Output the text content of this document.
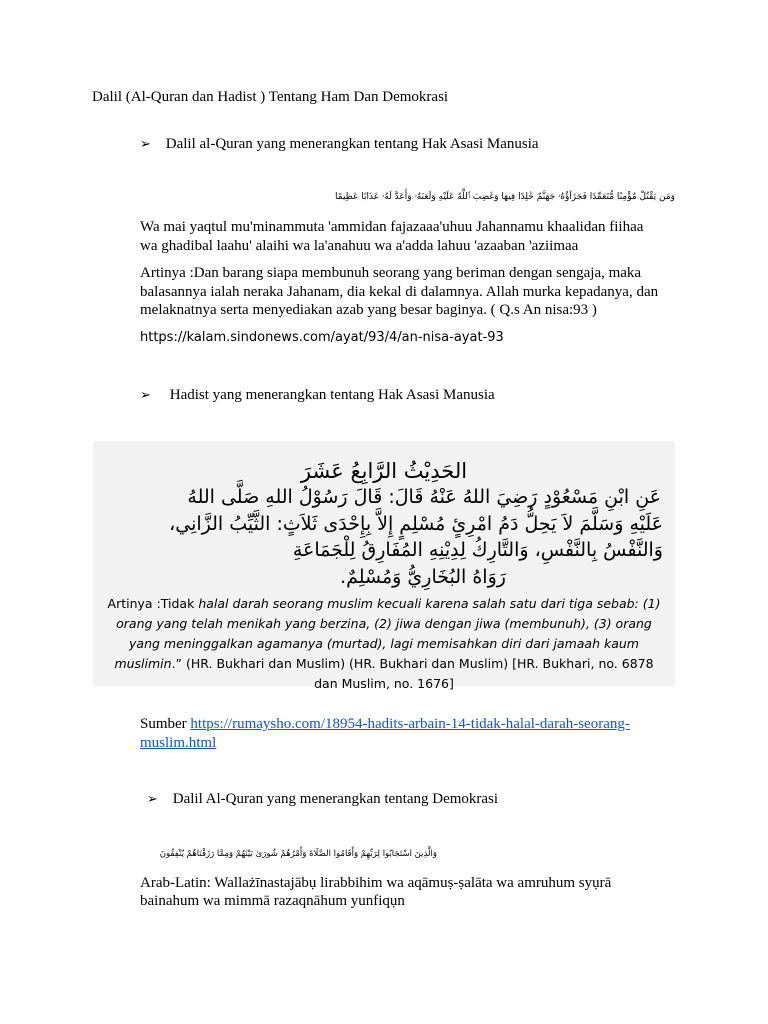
Dalil (Al-Quran dan Hadist ) Tentang Ham Dan Demokrasi
➢ Dalil al-Quran yang menerangkan tentang Hak Asasi Manusia
وَمَن يَقْتُلْ مُؤْمِنًا مُّتَعَمِّدًا فَجَزَآؤُهُۥ جَهَنَّمُ خَٰلِدًا فِيهَا وَغَضِبَ ٱللَّهُ عَلَيْهِ وَلَعَنَهُۥ وَأَعَدَّ لَهُۥ عَذَابًا عَظِيمًا
Wa mai yaqtul mu'minammuta 'ammidan fajazaaa'uhuu Jahannamu khaalidan fiihaa
wa ghadibal laahu' alaihi wa la'anahuu wa a'adda lahuu 'azaaban 'aziimaa
Artinya :Dan barang siapa membunuh seorang yang beriman dengan sengaja, maka
balasannya ialah neraka Jahanam, dia kekal di dalamnya. Allah murka kepadanya, dan
melaknatnya serta menyediakan azab yang besar baginya. ( Q.s An nisa:93 )
https://kalam.sindonews.com/ayat/93/4/an-nisa-ayat-93
➢ Hadist yang menerangkan tentang Hak Asasi Manusia
الحَدِيْثُ الرَّابِعُ عَشَرَ
عَنِ ابْنِ مَسْعُوْدٍ رَضِيَ اللهُ عَنْهُ قَالَ: قَالَ رَسُوْلُ اللهِ صَلَّى اللهُ
عَلَيْهِ وَسَلَّمَ لاَ يَحِلُّ دَمُ امْرِئٍ مُسْلِمٍ إِلاَّ بِإِحْدَى ثَلاَثٍ: الثَّيِّبُ الزَّانِي،
وَالنَّفْسُ بِالنَّفْسِ، وَالتَّارِكُ لِدِيْنِهِ المُفَارِقُ لِلْجَمَاعَةِ
رَوَاهُ البُخَارِيُّ وَمُسْلِمٌ.
Artinya :Tidak halal darah seorang muslim kecuali karena salah satu dari tiga sebab: (1)
orang yang telah menikah yang berzina, (2) jiwa dengan jiwa (membunuh), (3) orang
yang meninggalkan agamanya (murtad), lagi memisahkan diri dari jamaah kaum
muslimin.” (HR. Bukhari dan Muslim) (HR. Bukhari dan Muslim) [HR. Bukhari, no. 6878
dan Muslim, no. 1676]
Sumber https://rumaysho.com/18954-hadits-arbain-14-tidak-halal-darah-seorang-
muslim.html
➢ Dalil Al-Quran yang menerangkan tentang Demokrasi
وَالَّذِينَ اسْتَجَابُوا لِرَبِّهِمْ وَأَقَامُوا الصَّلَاةَ وَأَمْرُهُمْ شُورَىٰ بَيْنَهُمْ وَمِمَّا رَزَقْنَاهُمْ يُنْفِقُونَ
Arab-Latin: Wallażīnastajābụ lirabbihim wa aqāmuṣ-ṣalāta wa amruhum syụrā
bainahum wa mimmā razaqnāhum yunfiqụn
